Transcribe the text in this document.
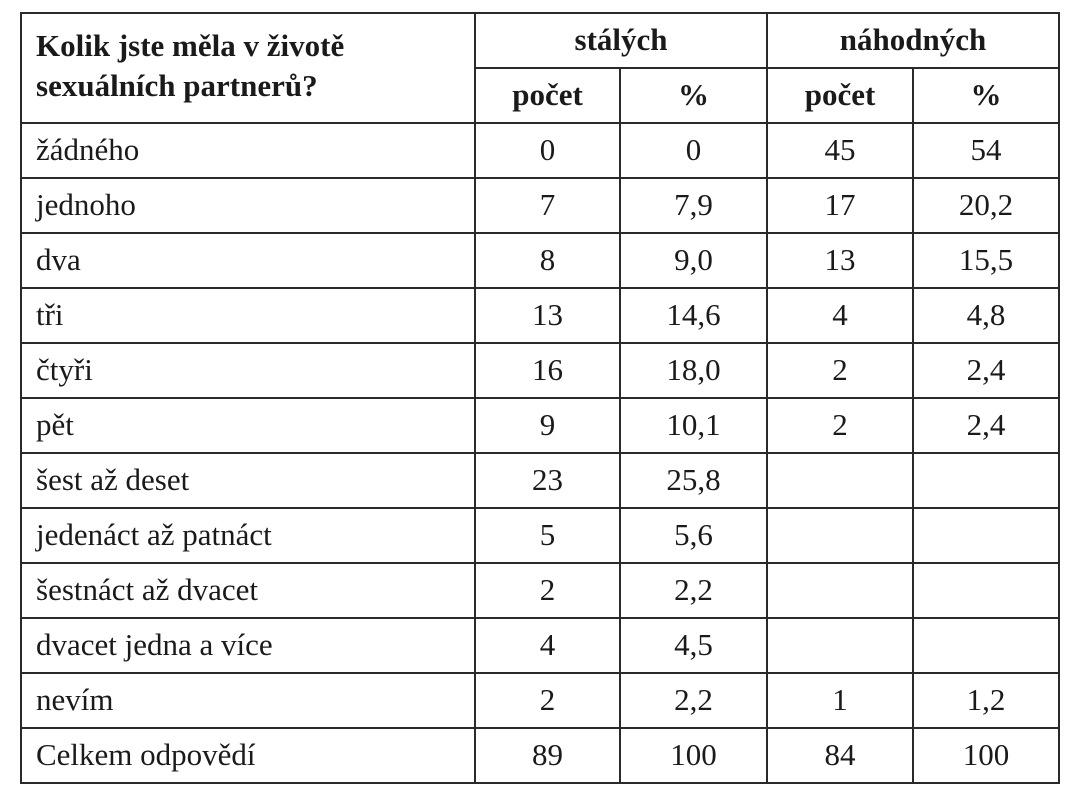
Kolik jste měla v životě sexuálních partnerů?	stálých		náhodných	
	počet	%	počet	%
žádného	0	0	45	54
jednoho	7	7,9	17	20,2
dva	8	9,0	13	15,5
tři	13	14,6	4	4,8
čtyři	16	18,0	2	2,4
pět	9	10,1	2	2,4
šest až deset	23	25,8		
jedenáct až patnáct	5	5,6		
šestnáct až dvacet	2	2,2		
dvacet jedna a více	4	4,5		
nevím	2	2,2	1	1,2
Celkem odpovědí	89	100	84	100
